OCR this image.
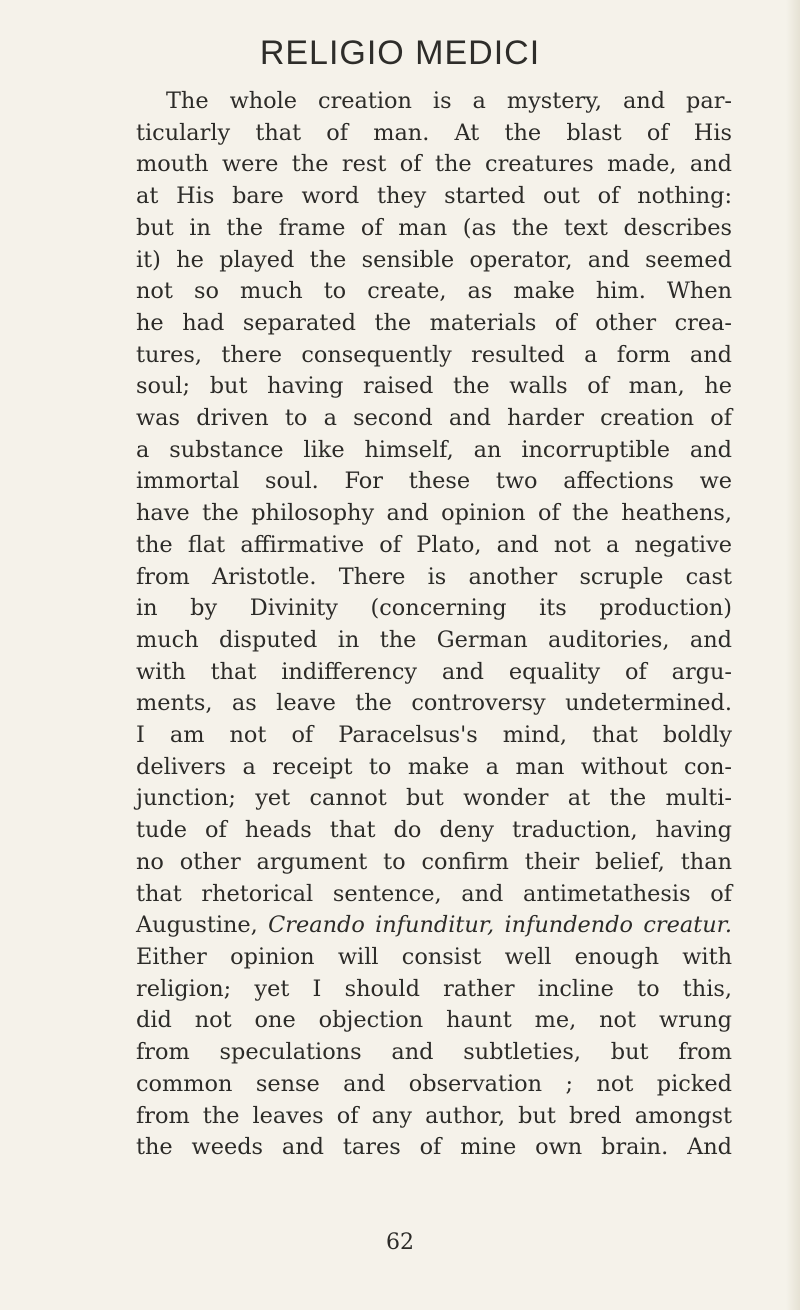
RELIGIO MEDICI
The whole creation is a mystery, and par-
ticularly that of man. At the blast of His
mouth were the rest of the creatures made, and
at His bare word they started out of nothing:
but in the frame of man (as the text describes
it) he played the sensible operator, and seemed
not so much to create, as make him. When
he had separated the materials of other crea-
tures, there consequently resulted a form and
soul; but having raised the walls of man, he
was driven to a second and harder creation of
a substance like himself, an incorruptible and
immortal soul. For these two affections we
have the philosophy and opinion of the heathens,
the flat affirmative of Plato, and not a negative
from Aristotle. There is another scruple cast
in by Divinity (concerning its production)
much disputed in the German auditories, and
with that indifferency and equality of argu-
ments, as leave the controversy undetermined.
I am not of Paracelsus's mind, that boldly
delivers a receipt to make a man without con-
junction; yet cannot but wonder at the multi-
tude of heads that do deny traduction, having
no other argument to confirm their belief, than
that rhetorical sentence, and antimetathesis of
Augustine, Creando infunditur, infundendo creatur.
Either opinion will consist well enough with
religion; yet I should rather incline to this,
did not one objection haunt me, not wrung
from speculations and subtleties, but from
common sense and observation ; not picked
from the leaves of any author, but bred amongst
the weeds and tares of mine own brain. And
62
